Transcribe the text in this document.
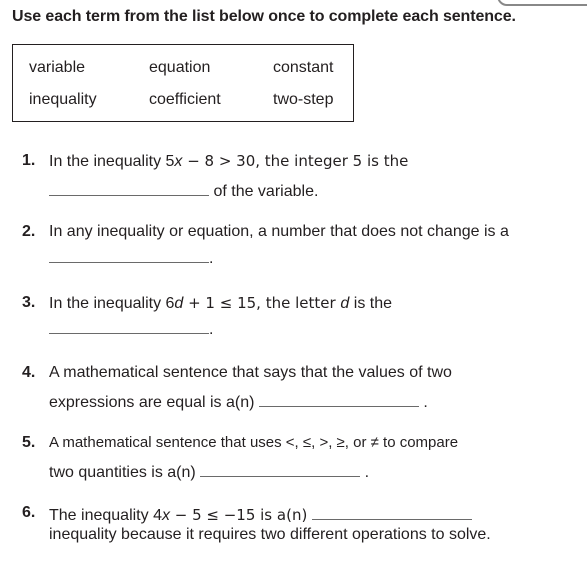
Use each term from the list below once to complete each sentence.
variable	equation	constant
inequality	coefficient	two-step
1. In the inequality 5x − 8 > 30, the integer 5 is the
of the variable.
2. In any inequality or equation, a number that does not change is a
.
3. In the inequality 6d + 1 ≤ 15, the letter d is the
.
4. A mathematical sentence that says that the values of two
expressions are equal is a(n)	.
5. A mathematical sentence that uses <, ≤, >, ≥, or ≠ to compare
two quantities is a(n)	.
6. The inequality 4x − 5 ≤ −15 is a(n)
inequality because it requires two different operations to solve.
